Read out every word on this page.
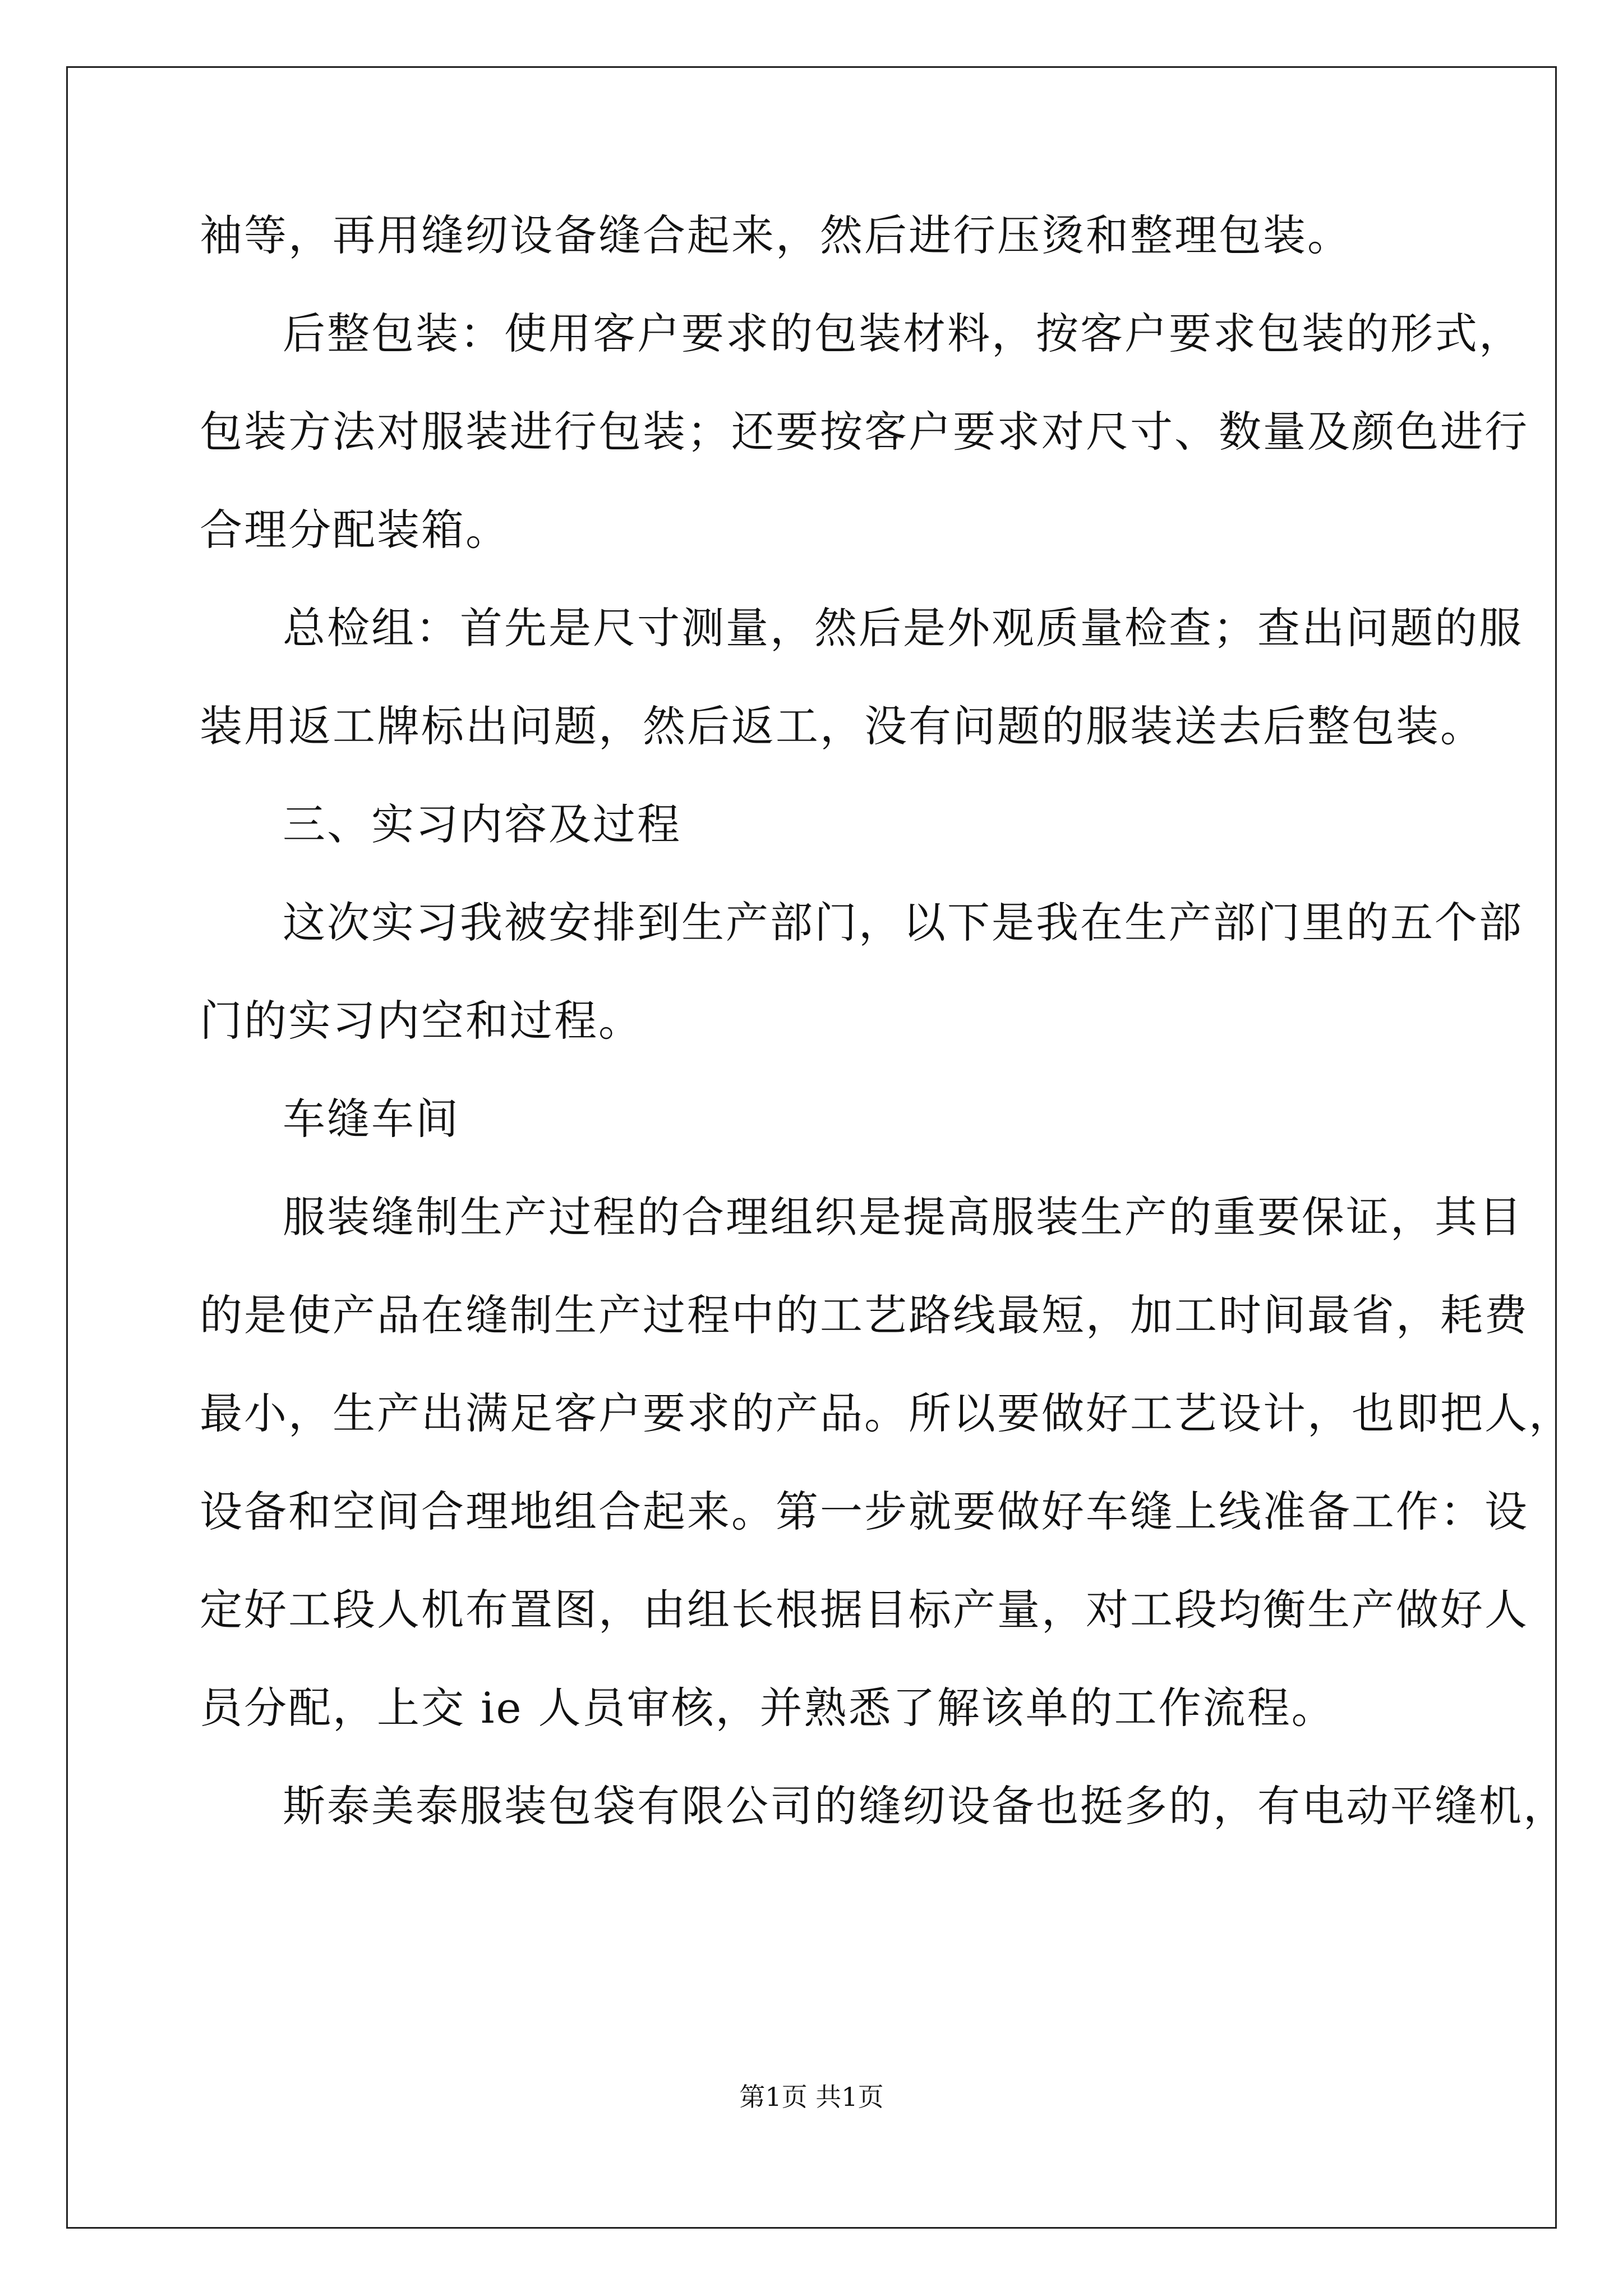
袖等，再用缝纫设备缝合起来，然后进行压烫和整理包装。
后整包装：使用客户要求的包装材料，按客户要求包装的形式，
包装方法对服装进行包装；还要按客户要求对尺寸、数量及颜色进行
合理分配装箱。
总检组：首先是尺寸测量，然后是外观质量检查；查出问题的服
装用返工牌标出问题，然后返工，没有问题的服装送去后整包装。
三、实习内容及过程
这次实习我被安排到生产部门，以下是我在生产部门里的五个部
门的实习内空和过程。
车缝车间
服装缝制生产过程的合理组织是提高服装生产的重要保证，其目
的是使产品在缝制生产过程中的工艺路线最短，加工时间最省，耗费
最小，生产出满足客户要求的产品。所以要做好工艺设计，也即把人，
设备和空间合理地组合起来。第一步就要做好车缝上线准备工作：设
定好工段人机布置图，由组长根据目标产量，对工段均衡生产做好人
员分配，上交 ie 人员审核，并熟悉了解该单的工作流程。
斯泰美泰服装包袋有限公司的缝纫设备也挺多的，有电动平缝机，
第1页 共1页
